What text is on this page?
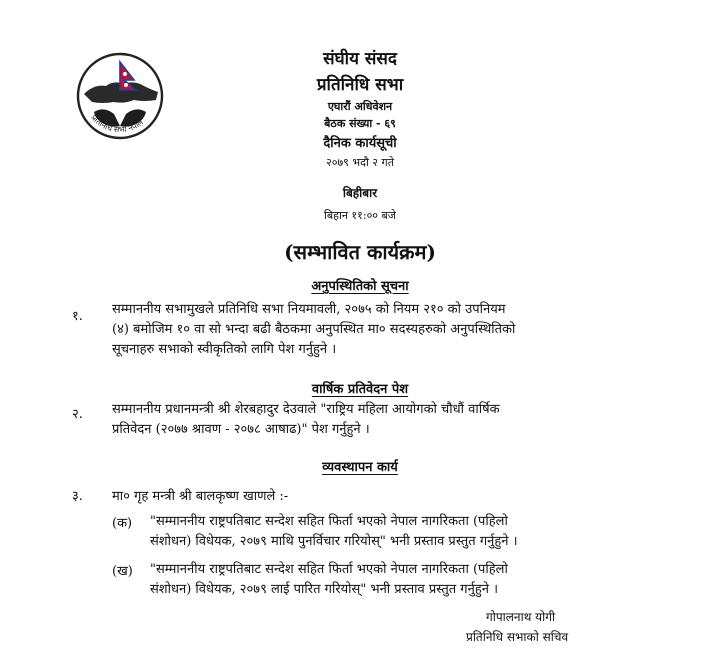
प्रतिनिधि सभा नेपाल
संघीय संसद
प्रतिनिधि सभा
एघारौं अधिवेशन
बैठक संख्या - ६९
दैनिक कार्यसूची
२०७९ भदौ २ गते
बिहीबार
बिहान ११:०० बजे
(सम्भावित कार्यक्रम)
अनुपस्थितिको सूचना
१. सम्माननीय सभामुखले प्रतिनिधि सभा नियमावली, २०७५ को नियम २१० को उपनियम
(४) बमोजिम १० वा सो भन्दा बढी बैठकमा अनुपस्थित मा० सदस्यहरुको अनुपस्थितिको
सूचनाहरु सभाको स्वीकृतिको लागि पेश गर्नुहुने ।
वार्षिक प्रतिवेदन पेश
२. सम्माननीय प्रधानमन्त्री श्री शेरबहादुर देउवाले "राष्ट्रिय महिला आयोगको चौधौं वार्षिक
प्रतिवेदन (२०७७ श्रावण - २०७८ आषाढ)" पेश गर्नुहुने ।
व्यवस्थापन कार्य
३. मा० गृह मन्त्री श्री बालकृष्ण खाणले :-
(क) "सम्माननीय राष्ट्रपतिबाट सन्देश सहित फिर्ता भएको नेपाल नागरिकता (पहिलो
संशोधन) विधेयक, २०७९ माथि पुनर्विचार गरियोस्" भनी प्रस्ताव प्रस्तुत गर्नुहुने ।
(ख) "सम्माननीय राष्ट्रपतिबाट सन्देश सहित फिर्ता भएको नेपाल नागरिकता (पहिलो
संशोधन) विधेयक, २०७९ लाई पारित गरियोस्" भनी प्रस्ताव प्रस्तुत गर्नुहुने ।
गोपालनाथ योगी
प्रतिनिधि सभाको सचिव
